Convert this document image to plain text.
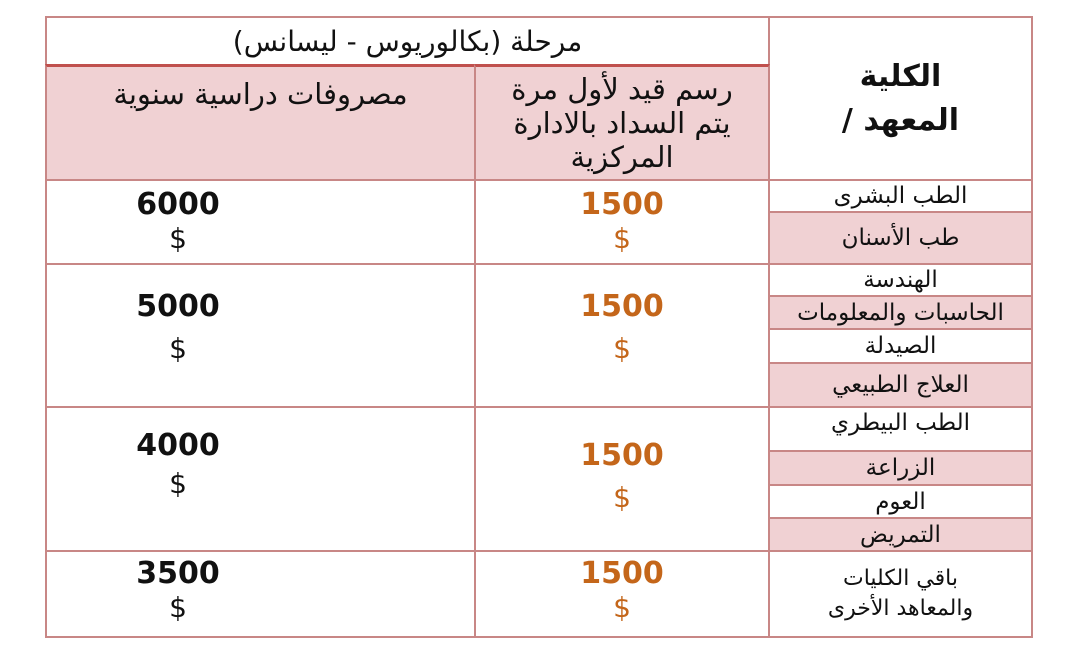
مرحلة (بكالوريوس - ليسانس)
الكلية
/ المعهد
مصروفات دراسية سنوية	رسم قيد لأول مرة يتم السداد بالادارة المركزية
6000
$
1500
$
الطب البشرى
طب الأسنان
5000
$
1500
$
الهندسة
الحاسبات والمعلومات
الصيدلة
العلاج الطبيعي
4000
$
1500
$
الطب البيطري
الزراعة
العوم
التمريض
3500
$
1500
$
باقي الكليات والمعاهد الأخرى
